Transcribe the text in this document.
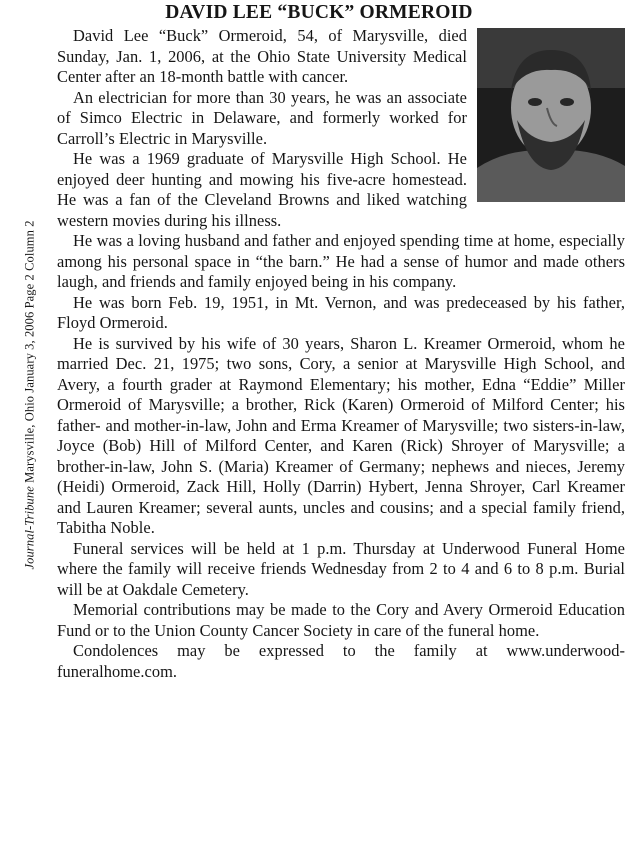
Journal-Tribune Marysville, Ohio January 3, 2006 Page 2 Column 2
DAVID LEE “BUCK” ORMEROID

David Lee “Buck” Ormeroid, 54, of Marysville, died Sunday, Jan. 1, 2006, at the Ohio State University Medical Center after an 18-month battle with cancer.

An electrician for more than 30 years, he was an associate of Simco Electric in Delaware, and formerly worked for Carroll’s Electric in Marysville.

He was a 1969 graduate of Marysville High School. He enjoyed deer hunting and mowing his five-acre homestead. He was a fan of the Cleveland Browns and liked watching western movies during his illness.

He was a loving husband and father and enjoyed spending time at home, especially among his personal space in “the barn.” He had a sense of humor and made others laugh, and friends and family enjoyed being in his company.

He was born Feb. 19, 1951, in Mt. Vernon, and was predeceased by his father, Floyd Ormeroid.

He is survived by his wife of 30 years, Sharon L. Kreamer Ormeroid, whom he married Dec. 21, 1975; two sons, Cory, a senior at Marysville High School, and Avery, a fourth grader at Raymond Elementary; his mother, Edna “Eddie” Miller Ormeroid of Marysville; a brother, Rick (Karen) Ormeroid of Milford Center; his father- and mother-in-law, John and Erma Kreamer of Marysville; two sisters-in-law, Joyce (Bob) Hill of Milford Center, and Karen (Rick) Shroyer of Marysville; a brother-in-law, John S. (Maria) Kreamer of Germany; nephews and nieces, Jeremy (Heidi) Ormeroid, Zack Hill, Holly (Darrin) Hybert, Jenna Shroyer, Carl Kreamer and Lauren Kreamer; several aunts, uncles and cousins; and a special family friend, Tabitha Noble.

Funeral services will be held at 1 p.m. Thursday at Underwood Funeral Home where the family will receive friends Wednesday from 2 to 4 and 6 to 8 p.m. Burial will be at Oakdale Cemetery.

Memorial contributions may be made to the Cory and Avery Ormeroid Education Fund or to the Union County Cancer Society in care of the funeral home.

Condolences may be expressed to the family at www.underwood-funeralhome.com.
